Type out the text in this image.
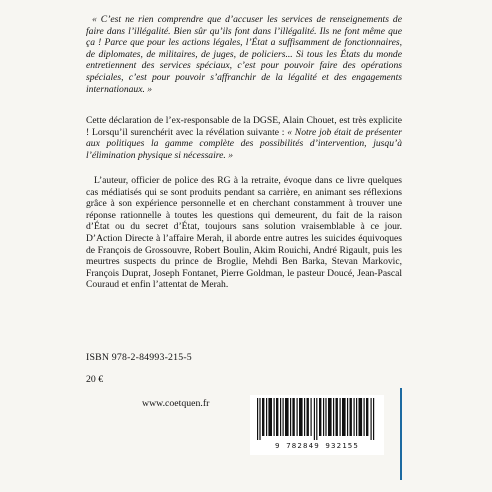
« C’est ne rien comprendre que d’accuser les services de renseignements de faire dans l’illégalité. Bien sûr qu’ils font dans l’illégalité. Ils ne font même que ça ! Parce que pour les actions légales, l’État a suffisamment de fonctionnaires, de diplomates, de militaires, de juges, de policiers... Si tous les États du monde entretiennent des services spéciaux, c’est pour pouvoir faire des opérations spéciales, c’est pour pouvoir s’affranchir de la légalité et des engagements internationaux. »

Cette déclaration de l’ex-responsable de la DGSE, Alain Chouet, est très explicite ! Lorsqu’il surenchérit avec la révélation suivante : « Notre job était de présenter aux politiques la gamme complète des possibilités d’intervention, jusqu’à l’élimination physique si nécessaire. »

L’auteur, officier de police des RG à la retraite, évoque dans ce livre quelques cas médiatisés qui se sont produits pendant sa carrière, en animant ses réflexions grâce à son expérience personnelle et en cherchant constamment à trouver une réponse rationnelle à toutes les questions qui demeurent, du fait de la raison d’État ou du secret d’État, toujours sans solution vraisemblable à ce jour. D’Action Directe à l’affaire Merah, il aborde entre autres les suicides équivoques de François de Grossouvre, Robert Boulin, Akim Rouichi, André Rigault, puis les meurtres suspects du prince de Broglie, Mehdi Ben Barka, Stevan Markovic, François Duprat, Joseph Fontanet, Pierre Goldman, le pasteur Doucé, Jean-Pascal Couraud et enfin l’attentat de Merah.

ISBN 978-2-84993-215-5
20 €
www.coetquen.fr
9 782849 932155
